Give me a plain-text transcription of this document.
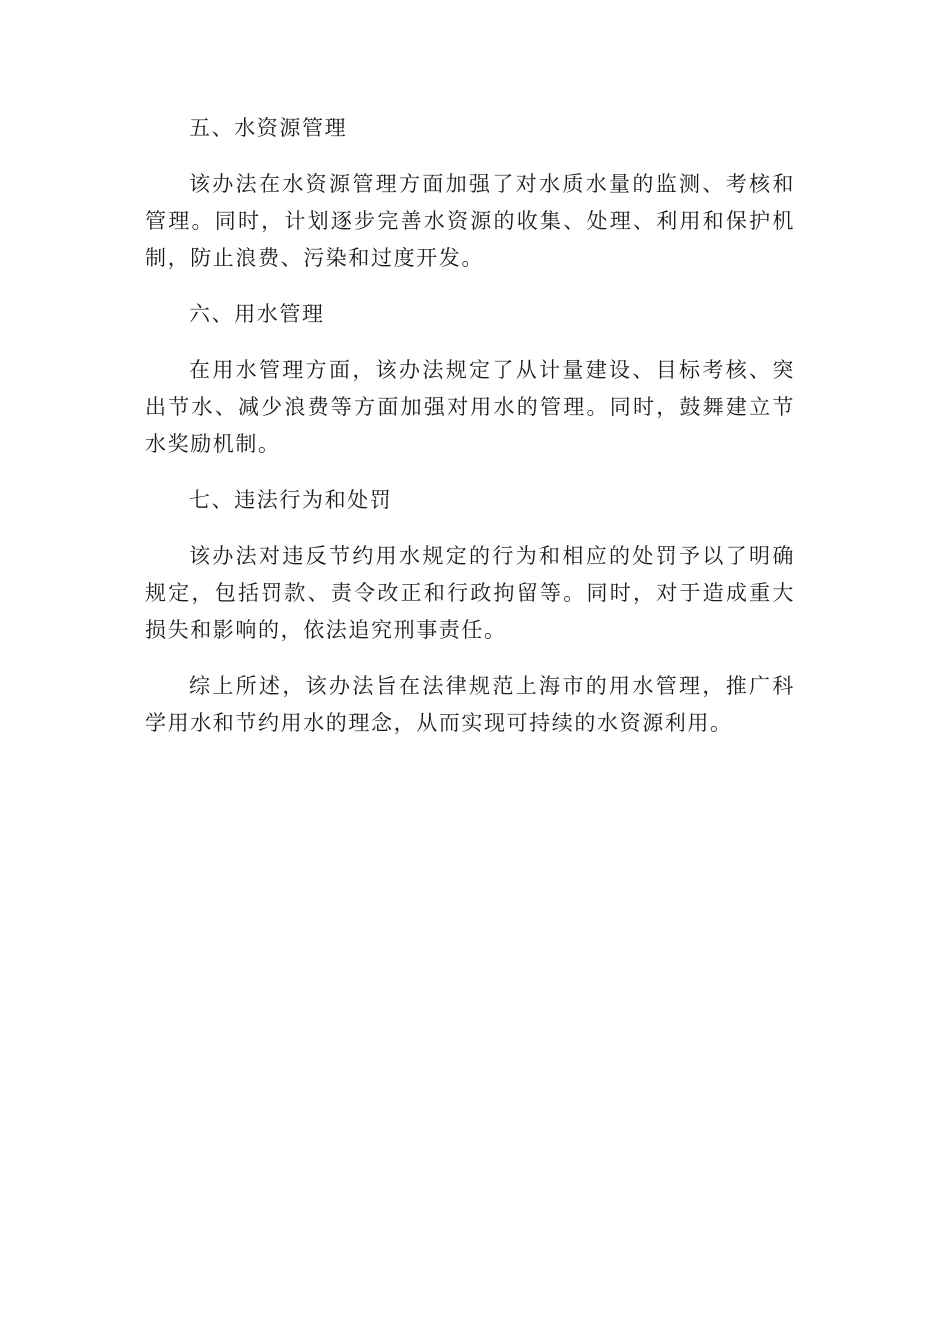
五、水资源管理

该办法在水资源管理方面加强了对水质水量的监测、考核和管理。同时，计划逐步完善水资源的收集、处理、利用和保护机制，防止浪费、污染和过度开发。

六、用水管理

在用水管理方面，该办法规定了从计量建设、目标考核、突出节水、减少浪费等方面加强对用水的管理。同时，鼓舞建立节水奖励机制。

七、违法行为和处罚

该办法对违反节约用水规定的行为和相应的处罚予以了明确规定，包括罚款、责令改正和行政拘留等。同时，对于造成重大损失和影响的，依法追究刑事责任。

综上所述，该办法旨在法律规范上海市的用水管理，推广科学用水和节约用水的理念，从而实现可持续的水资源利用。
